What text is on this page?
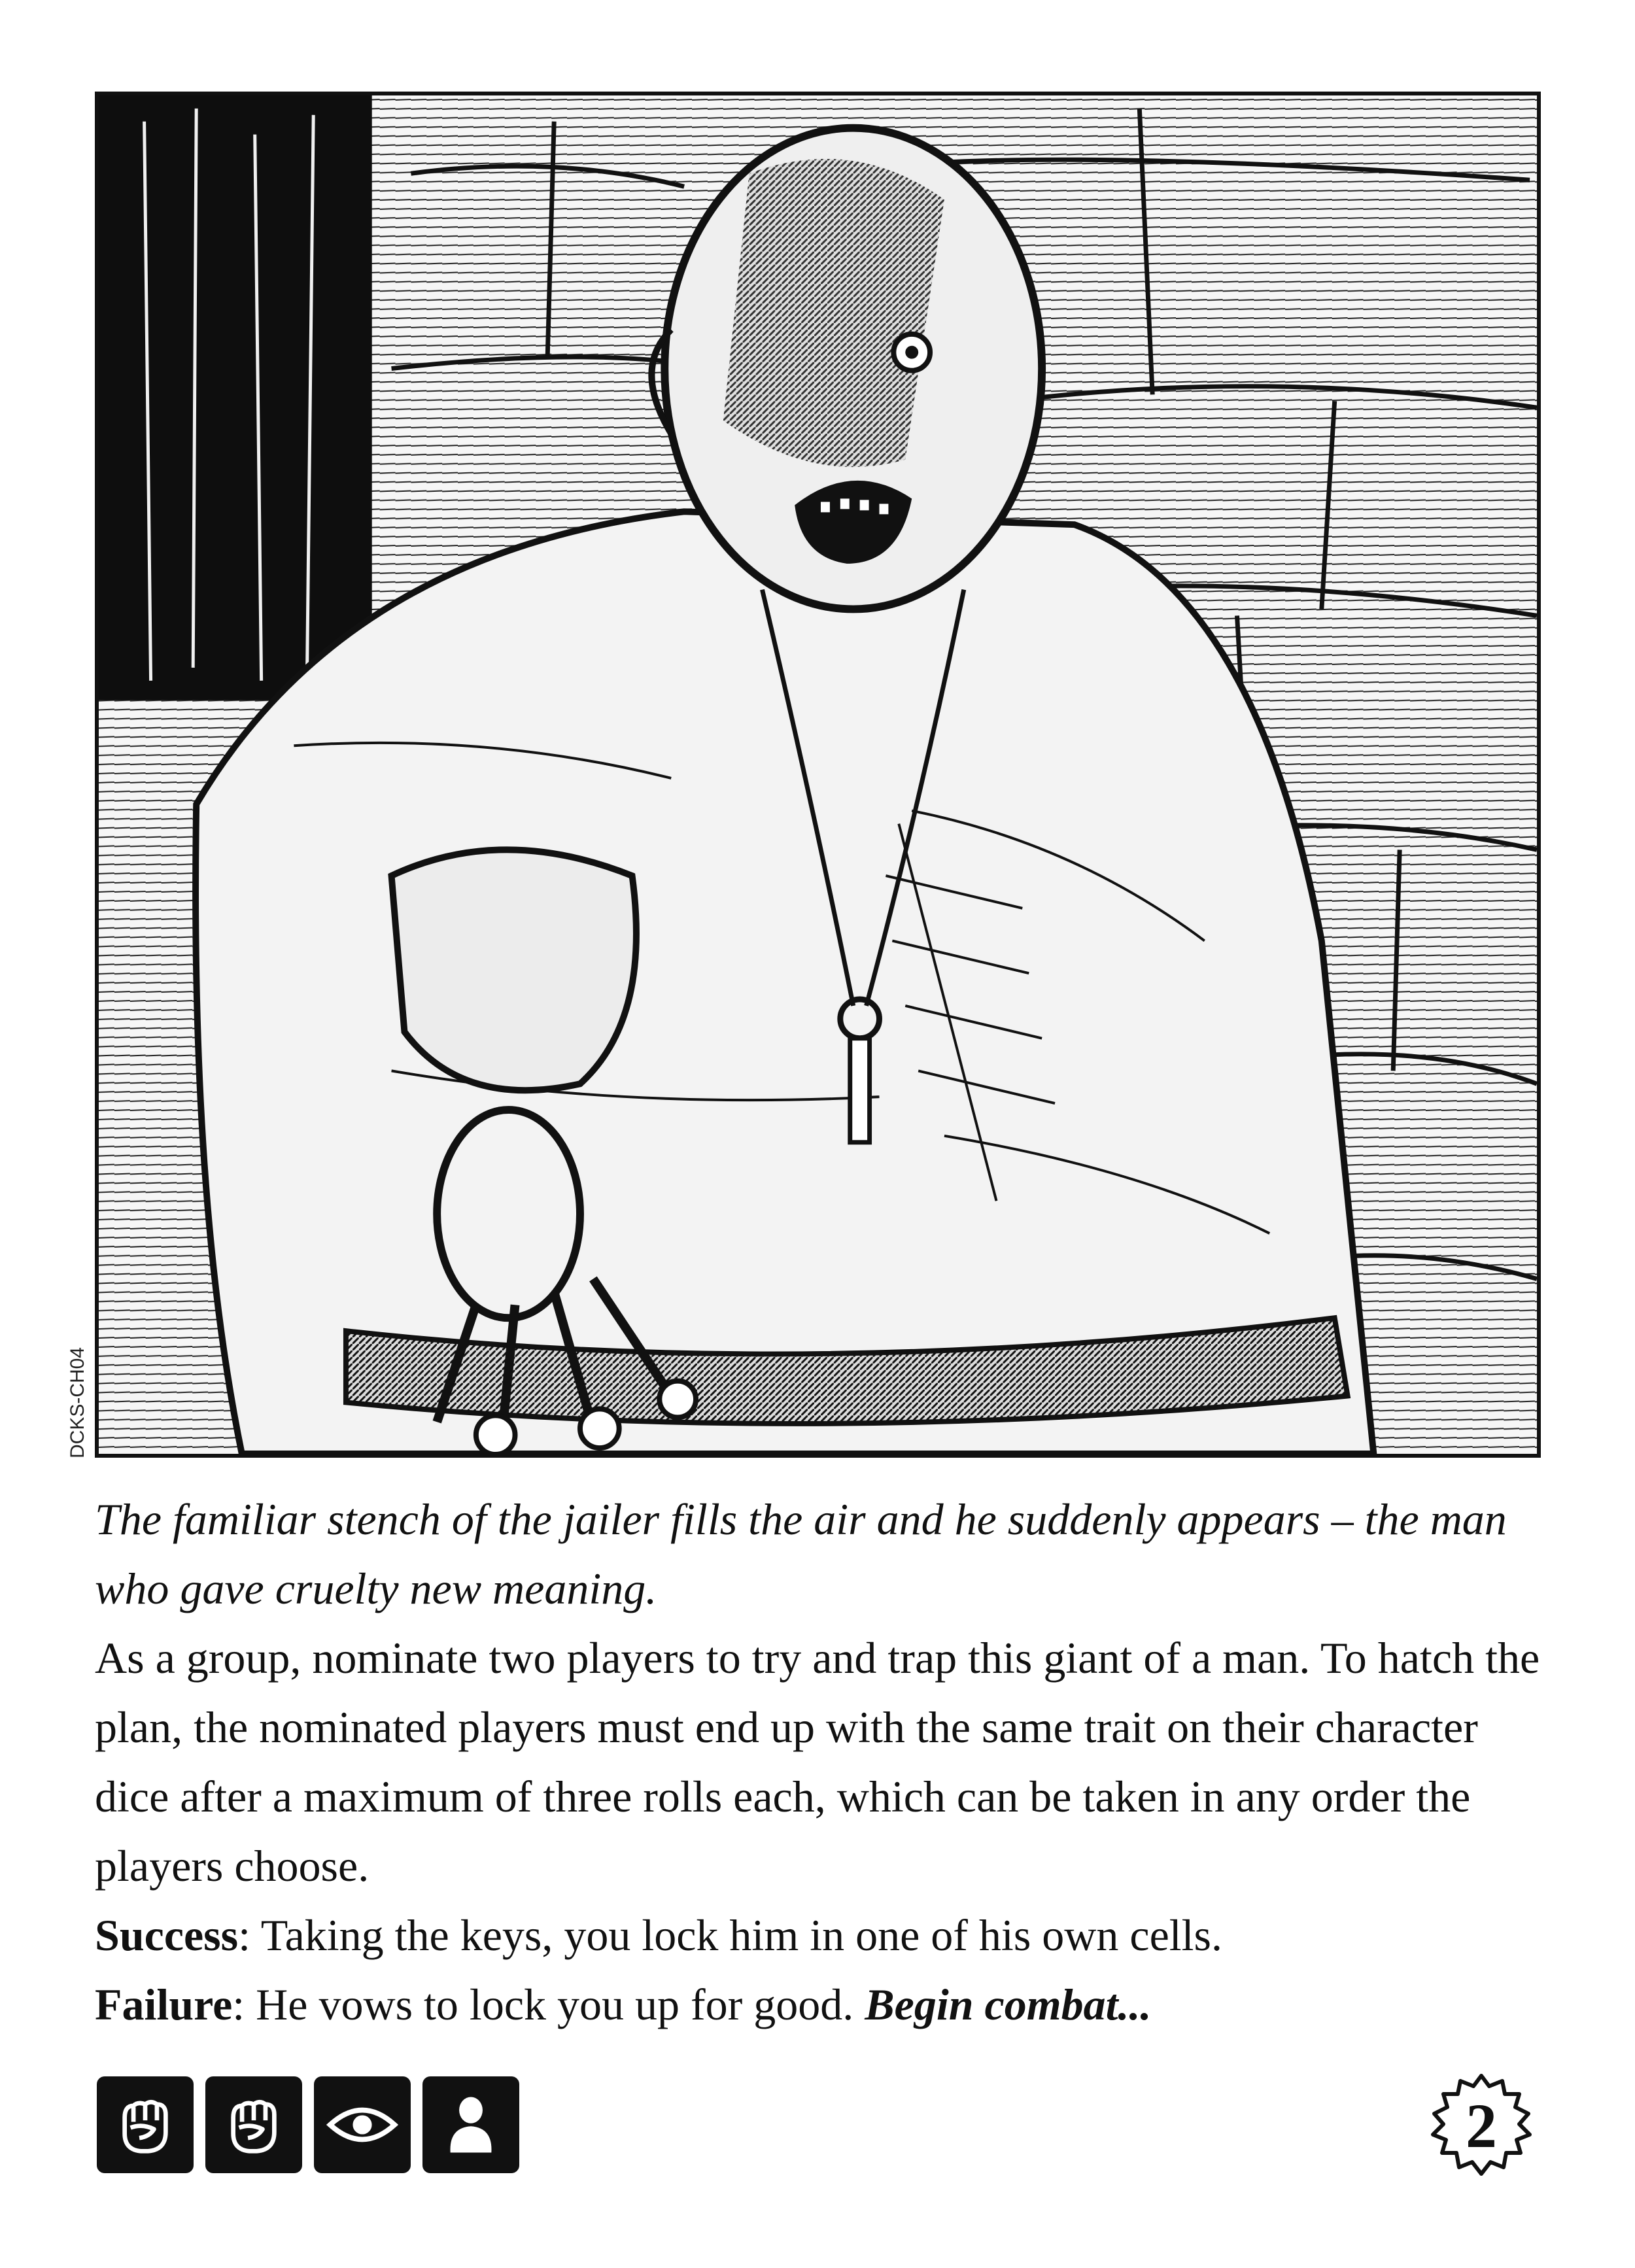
DCKS-CH04

The familiar stench of the jailer fills the air and he suddenly appears – the man who gave cruelty new meaning.

As a group, nominate two players to try and trap this giant of a man. To hatch the plan, the nominated players must end up with the same trait on their character dice after a maximum of three rolls each, which can be taken in any order the players choose.

Success: Taking the keys, you lock him in one of his own cells.

Failure: He vows to lock you up for good. Begin combat...

2
